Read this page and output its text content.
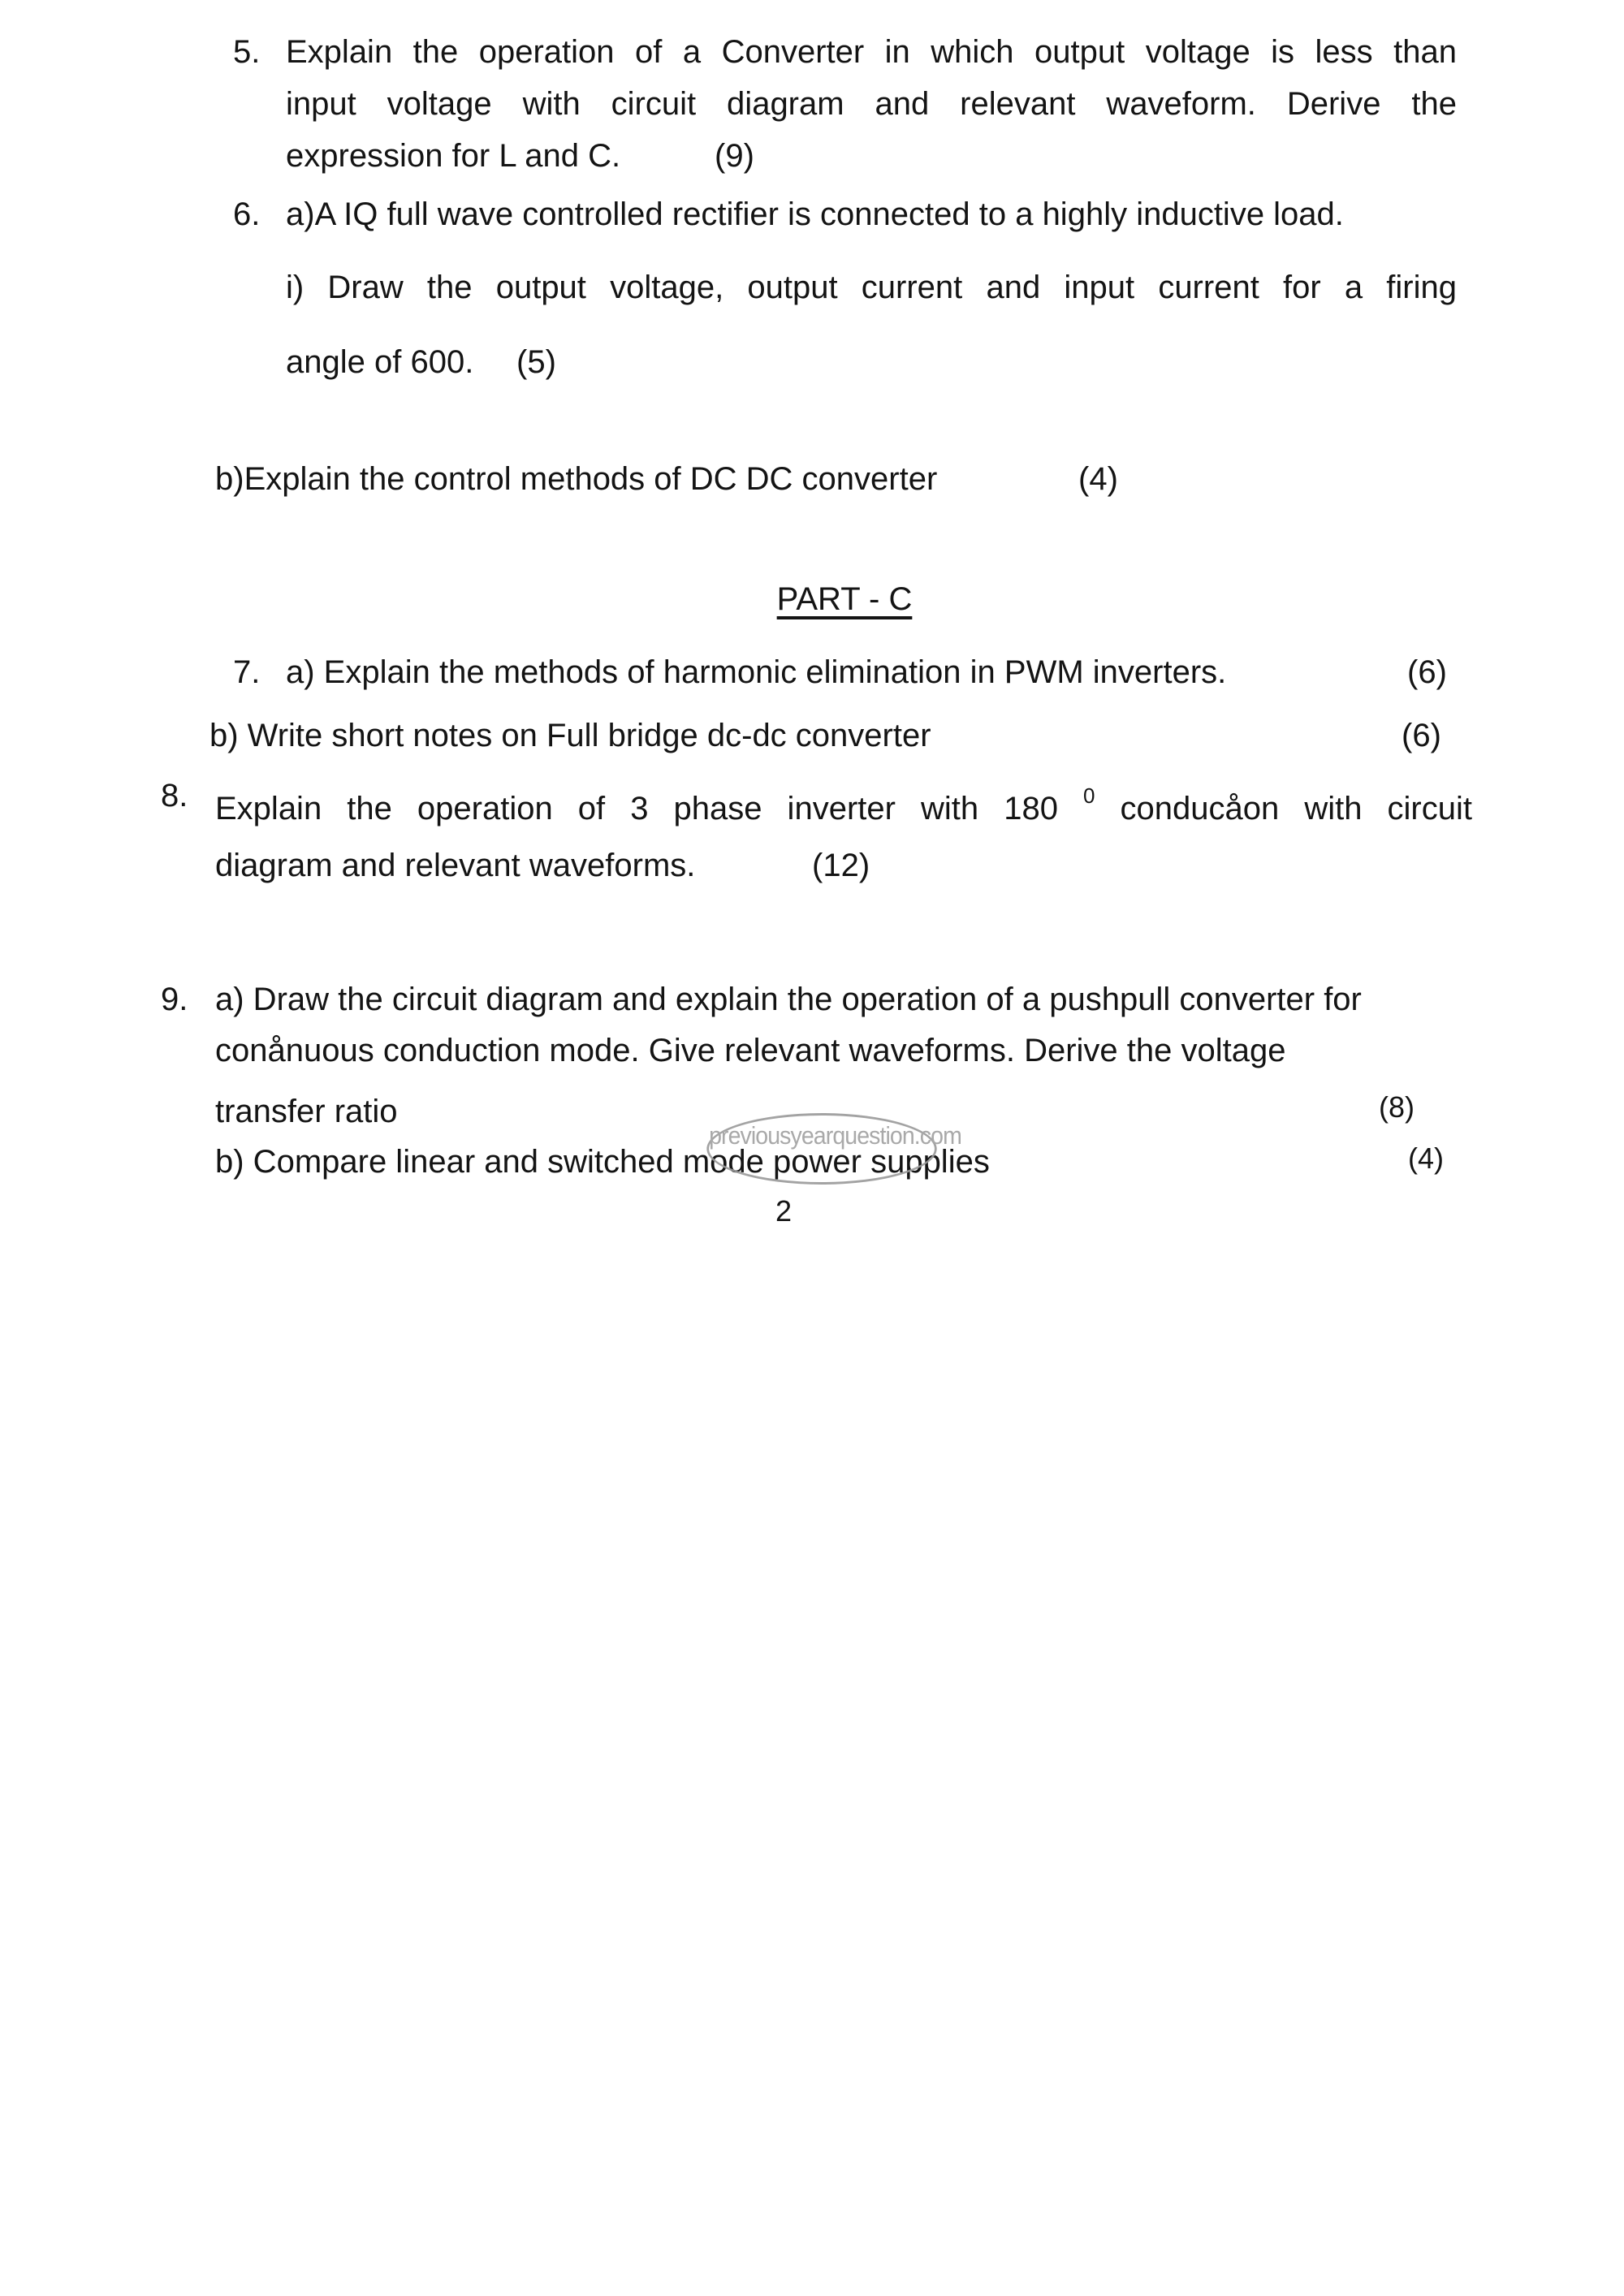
5. Explain the operation of a Converter in which output voltage is less than
input voltage with circuit diagram and relevant waveform. Derive the
expression for L and C.	(9)
6. a)A IQ full wave controlled rectifier is connected to a highly inductive load.
i) Draw the output voltage, output current and input current for a firing
angle of 600. (5)
b)Explain the control methods of DC DC converter	(4)
PART - C
7. a) Explain the methods of harmonic elimination in PWM inverters.	(6)
b) Write short notes on Full bridge dc-dc converter	(6)
8. Explain the operation of 3 phase inverter with 180 $^0$ conducåon with circuit
diagram and relevant waveforms.	(12)
9. a) Draw the circuit diagram and explain the operation of a pushpull converter for
conånuous conduction mode. Give relevant waveforms. Derive the voltage
transfer ratio	(8)
b) Compare linear and switched mode power supplies	(4)
previousyearquestion.com
2
